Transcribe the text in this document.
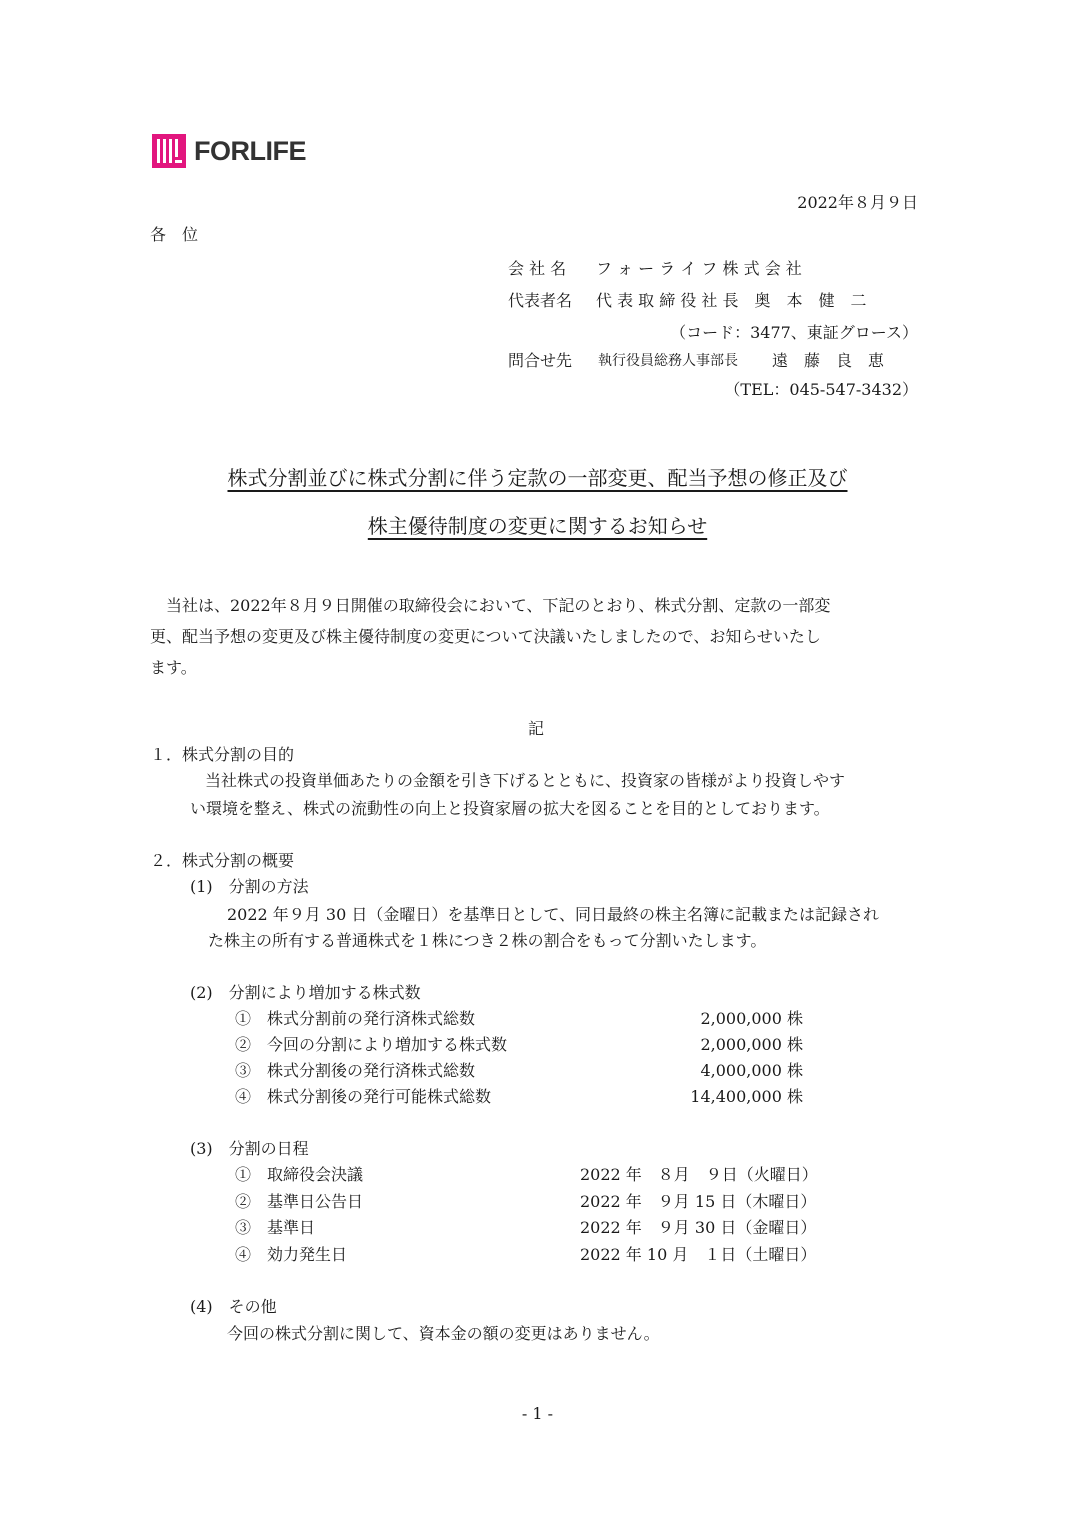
FORLIFE
2022年８月９日
各　位
会 社 名 フ ォ ー ラ イ フ 株 式 会 社
代表者名 代 表 取 締 役 社 長　奥　本　健　二
（コード：3477、東証グロース）
問合せ先 執行役員総務人事部長 遠　藤　良　恵
（TEL：045-547-3432）
株式分割並びに株式分割に伴う定款の一部変更、配当予想の修正及び
株主優待制度の変更に関するお知らせ
当社は、2022年８月９日開催の取締役会において、下記のとおり、株式分割、定款の一部変
更、配当予想の変更及び株主優待制度の変更について決議いたしましたので、お知らせいたし
ます。
記
１．株式分割の目的
当社株式の投資単価あたりの金額を引き下げるとともに、投資家の皆様がより投資しやす
い環境を整え、株式の流動性の向上と投資家層の拡大を図ることを目的としております。
２．株式分割の概要
(1)　分割の方法
2022 年９月 30 日（金曜日）を基準日として、同日最終の株主名簿に記載または記録され
た株主の所有する普通株式を１株につき２株の割合をもって分割いたします。
(2)　分割により増加する株式数
①　株式分割前の発行済株式総数	2,000,000 株
②　今回の分割により増加する株式数	2,000,000 株
③　株式分割後の発行済株式総数	4,000,000 株
④　株式分割後の発行可能株式総数	14,400,000 株
(3)　分割の日程
①　取締役会決議	2022 年　８月　９日（火曜日）
②　基準日公告日	2022 年　９月 15 日（木曜日）
③　基準日	2022 年　９月 30 日（金曜日）
④　効力発生日	2022 年 10 月　１日（土曜日）
(4)　その他
今回の株式分割に関して、資本金の額の変更はありません。
- 1 -
